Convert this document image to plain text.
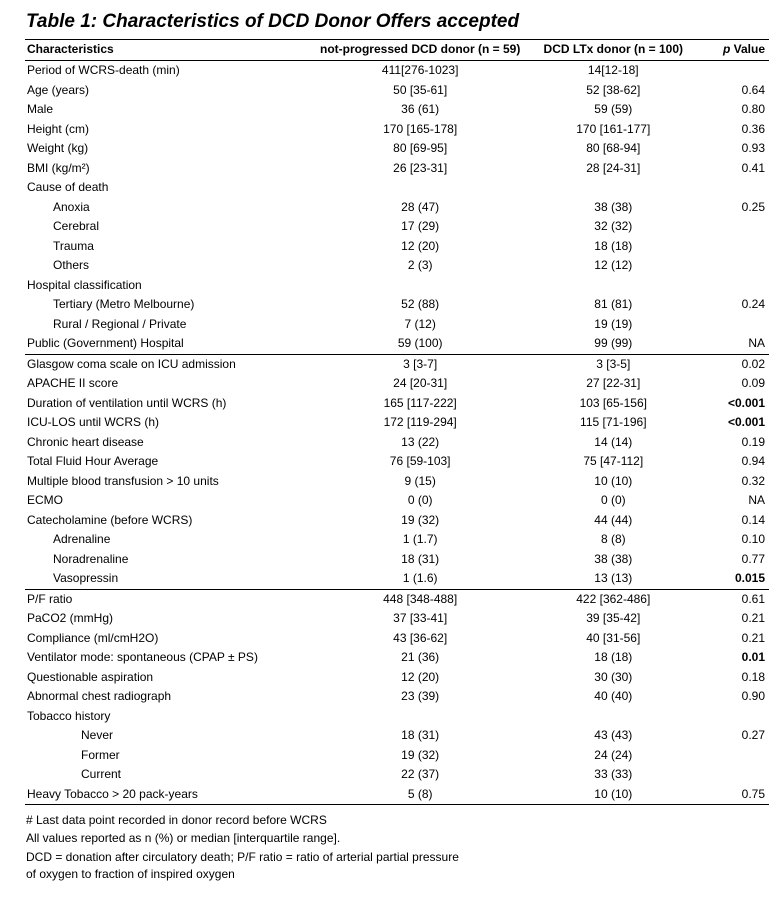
Table 1: Characteristics of DCD Donor Offers accepted
Characteristics	not-progressed DCD donor (n = 59)	DCD LTx donor (n = 100)	p Value
Period of WCRS-death (min)	411[276-1023]	14[12-18]	
Age (years)	50 [35-61]	52 [38-62]	0.64
Male	36 (61)	59 (59)	0.80
Height (cm)	170 [165-178]	170 [161-177]	0.36
Weight (kg)	80 [69-95]	80 [68-94]	0.93
BMI (kg/m²)	26 [23-31]	28 [24-31]	0.41
Cause of death			
Anoxia	28 (47)	38 (38)	0.25
Cerebral	17 (29)	32 (32)	
Trauma	12 (20)	18 (18)	
Others	2 (3)	12 (12)	
Hospital classification			
Tertiary (Metro Melbourne)	52 (88)	81 (81)	0.24
Rural / Regional / Private	7 (12)	19 (19)	
Public (Government) Hospital	59 (100)	99 (99)	NA
Glasgow coma scale on ICU admission	3 [3-7]	3 [3-5]	0.02
APACHE II score	24 [20-31]	27 [22-31]	0.09
Duration of ventilation until WCRS (h)	165 [117-222]	103 [65-156]	<0.001
ICU-LOS until WCRS (h)	172 [119-294]	115 [71-196]	<0.001
Chronic heart disease	13 (22)	14 (14)	0.19
Total Fluid Hour Average	76 [59-103]	75 [47-112]	0.94
Multiple blood transfusion > 10 units	9 (15)	10 (10)	0.32
ECMO	0 (0)	0 (0)	NA
Catecholamine (before WCRS)	19 (32)	44 (44)	0.14
Adrenaline	1 (1.7)	8 (8)	0.10
Noradrenaline	18 (31)	38 (38)	0.77
Vasopressin	1 (1.6)	13 (13)	0.015
P/F ratio	448 [348-488]	422 [362-486]	0.61
PaCO2 (mmHg)	37 [33-41]	39 [35-42]	0.21
Compliance (ml/cmH2O)	43 [36-62]	40 [31-56]	0.21
Ventilator mode: spontaneous (CPAP ± PS)	21 (36)	18 (18)	0.01
Questionable aspiration	12 (20)	30 (30)	0.18
Abnormal chest radiograph	23 (39)	40 (40)	0.90
Tobacco history			
Never	18 (31)	43 (43)	0.27
Former	19 (32)	24 (24)	
Current	22 (37)	33 (33)	
Heavy Tobacco > 20 pack-years	5 (8)	10 (10)	0.75
# Last data point recorded in donor record before WCRS
All values reported as n (%) or median [interquartile range].
DCD = donation after circulatory death; P/F ratio = ratio of arterial partial pressure
of oxygen to fraction of inspired oxygen
